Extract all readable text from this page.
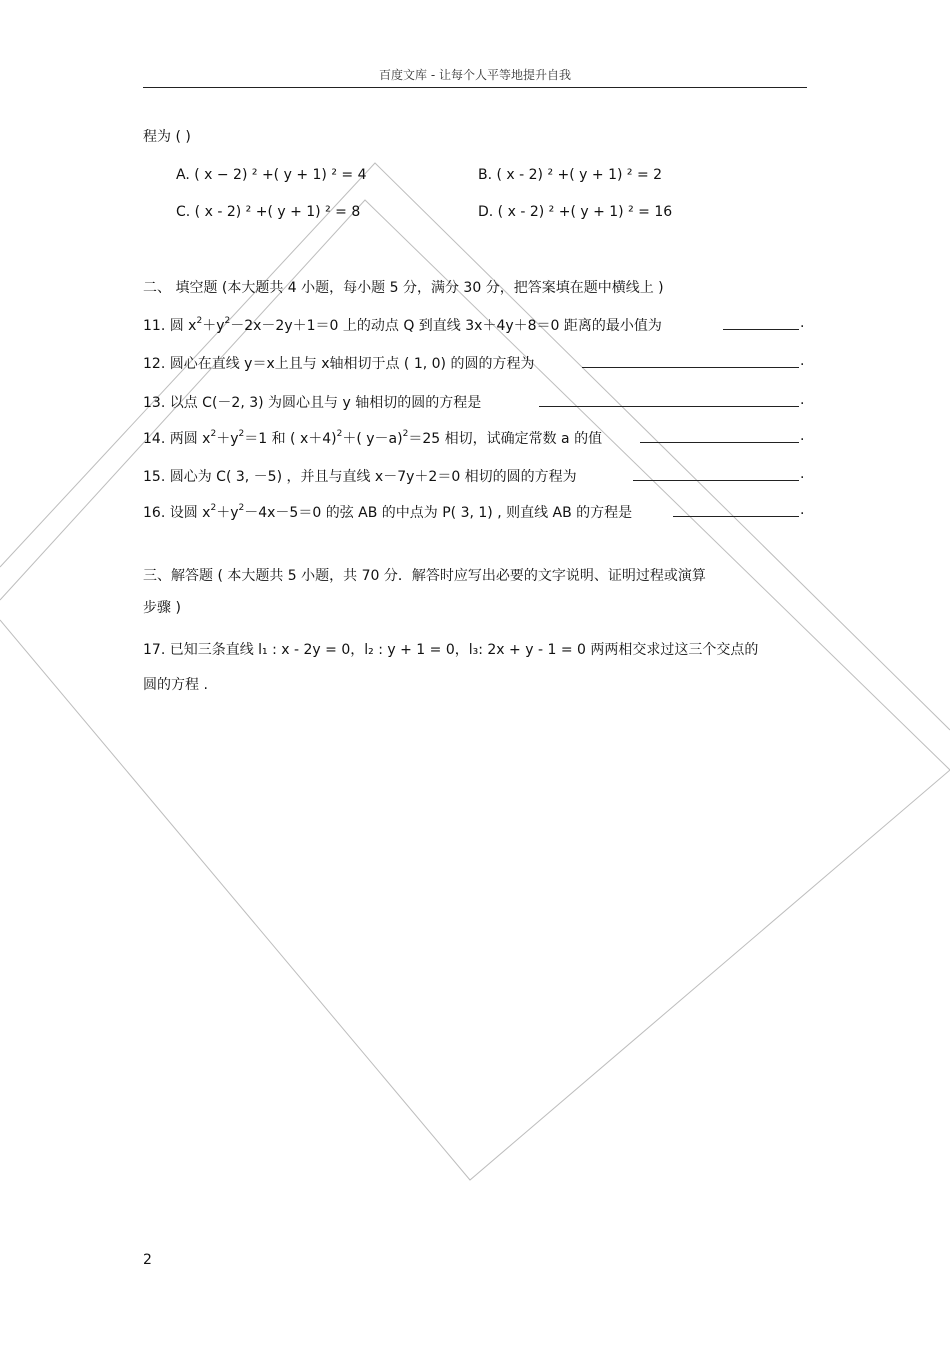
百度文库 - 让每个人平等地提升自我
程为 ( )
A. ( x − 2) ² +( y + 1) ² = 4	B. ( x - 2) ² +( y + 1) ² = 2
C. ( x - 2) ² +( y + 1) ² = 8	D. ( x - 2) ² +( y + 1) ² = 16
二、 填空题 (本大题共 4 小题，每小题 5 分，满分 30 分，把答案填在题中横线上 )
11. 圆 $x^2+y^2-2x-2y+1=0$ 上的动点 Q 到直线 3x＋4y＋8＝0 距离的最小值为	.
12. 圆心在直线 y＝x上且与 x轴相切于点 ( 1, 0) 的圆的方程为	.
13. 以点 C(－2, 3) 为圆心且与 y 轴相切的圆的方程是	.
14. 两圆 $x^2+y^2=1$ 和 ( x＋4)$^2$＋( y－a)$^2$＝25 相切，试确定常数 a 的值	.
15. 圆心为 C( 3, －5) ，并且与直线 x－7y＋2＝0 相切的圆的方程为	.
16. 设圆 $x^2+y^2-4x-5=0$ 的弦 AB 的中点为 P( 3, 1) , 则直线 AB 的方程是	.
三、解答题 ( 本大题共 5 小题，共 70 分．解答时应写出必要的文字说明、证明过程或演算
步骤 )
17. 已知三条直线 l₁ : x - 2y = 0，l₂ : y + 1 = 0，l₃: 2x + y - 1 = 0 两两相交求过这三个交点的
圆的方程 .
2
